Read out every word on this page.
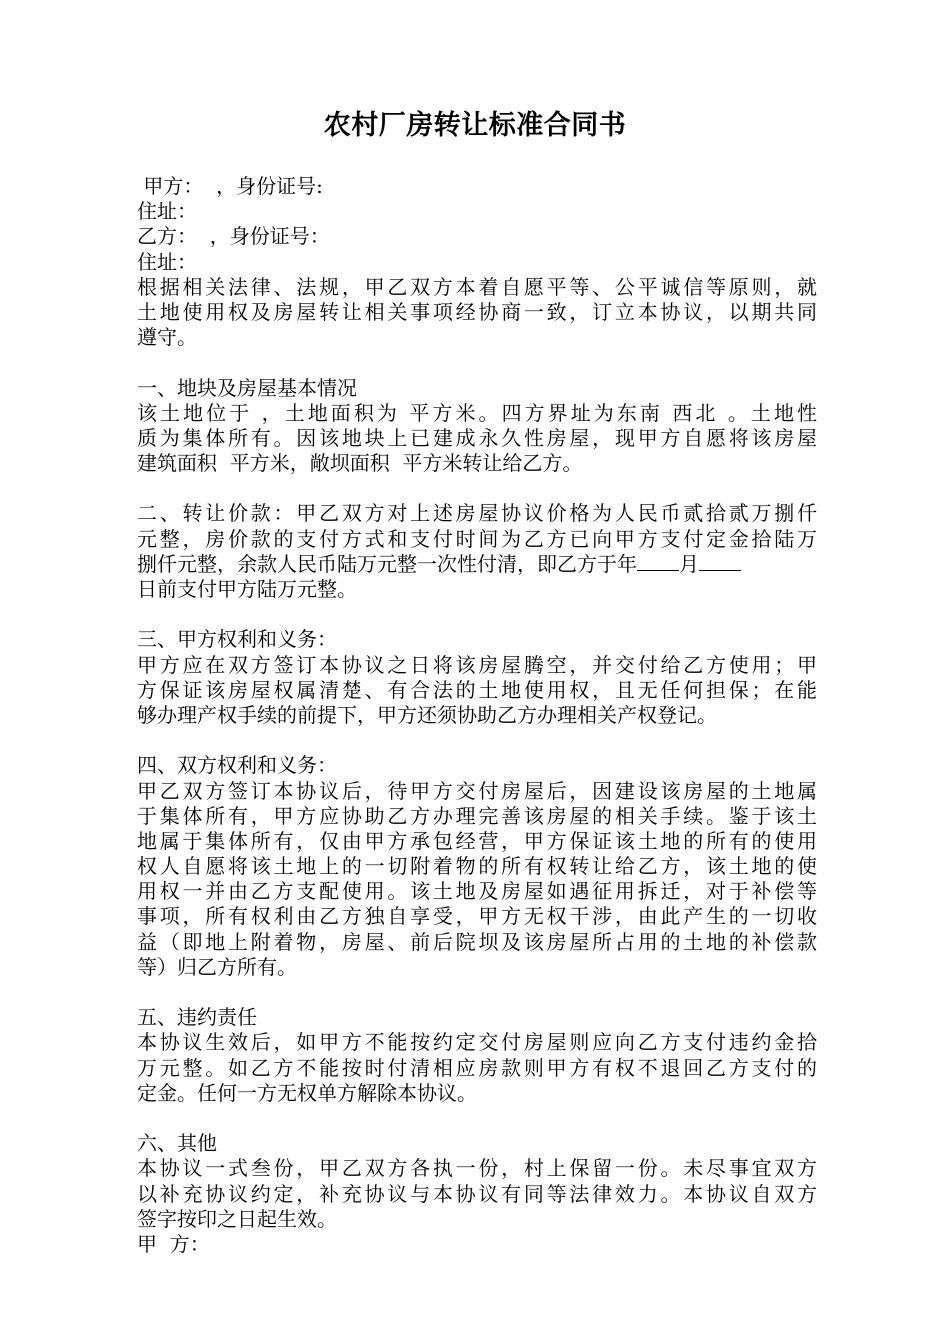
农村厂房转让标准合同书
甲方：  ，身份证号:
住址：
乙方：  ，身份证号：
住址：
根据相关法律、法规，甲乙双方本着自愿平等、公平诚信等原则，就
土地使用权及房屋转让相关事项经协商一致，订立本协议，以期共同
遵守。
一、地块及房屋基本情况
该土地位于 ，土地面积为 平方米。四方界址为东南 西北 。土地性
质为集体所有。因该地块上已建成永久性房屋，现甲方自愿将该房屋
建筑面积  平方米，敞坝面积  平方米转让给乙方。
二、转让价款：甲乙双方对上述房屋协议价格为人民币贰拾贰万捌仟
元整，房价款的支付方式和支付时间为乙方已向甲方支付定金拾陆万
捌仟元整，余款人民币陆万元整一次性付清，即乙方于年 月
日前支付甲方陆万元整。
三、甲方权利和义务：
甲方应在双方签订本协议之日将该房屋腾空，并交付给乙方使用；甲
方保证该房屋权属清楚、有合法的土地使用权，且无任何担保；在能
够办理产权手续的前提下，甲方还须协助乙方办理相关产权登记。
四、双方权利和义务：
甲乙双方签订本协议后，待甲方交付房屋后，因建设该房屋的土地属
于集体所有，甲方应协助乙方办理完善该房屋的相关手续。鉴于该土
地属于集体所有，仅由甲方承包经营，甲方保证该土地的所有的使用
权人自愿将该土地上的一切附着物的所有权转让给乙方，该土地的使
用权一并由乙方支配使用。该土地及房屋如遇征用拆迁，对于补偿等
事项，所有权利由乙方独自享受，甲方无权干涉，由此产生的一切收
益（即地上附着物，房屋、前后院坝及该房屋所占用的土地的补偿款
等）归乙方所有。
五、违约责任
本协议生效后，如甲方不能按约定交付房屋则应向乙方支付违约金拾
万元整。如乙方不能按时付清相应房款则甲方有权不退回乙方支付的
定金。任何一方无权单方解除本协议。
六、其他
本协议一式叁份，甲乙双方各执一份，村上保留一份。未尽事宜双方
以补充协议约定，补充协议与本协议有同等法律效力。本协议自双方
签字按印之日起生效。
甲  方：
